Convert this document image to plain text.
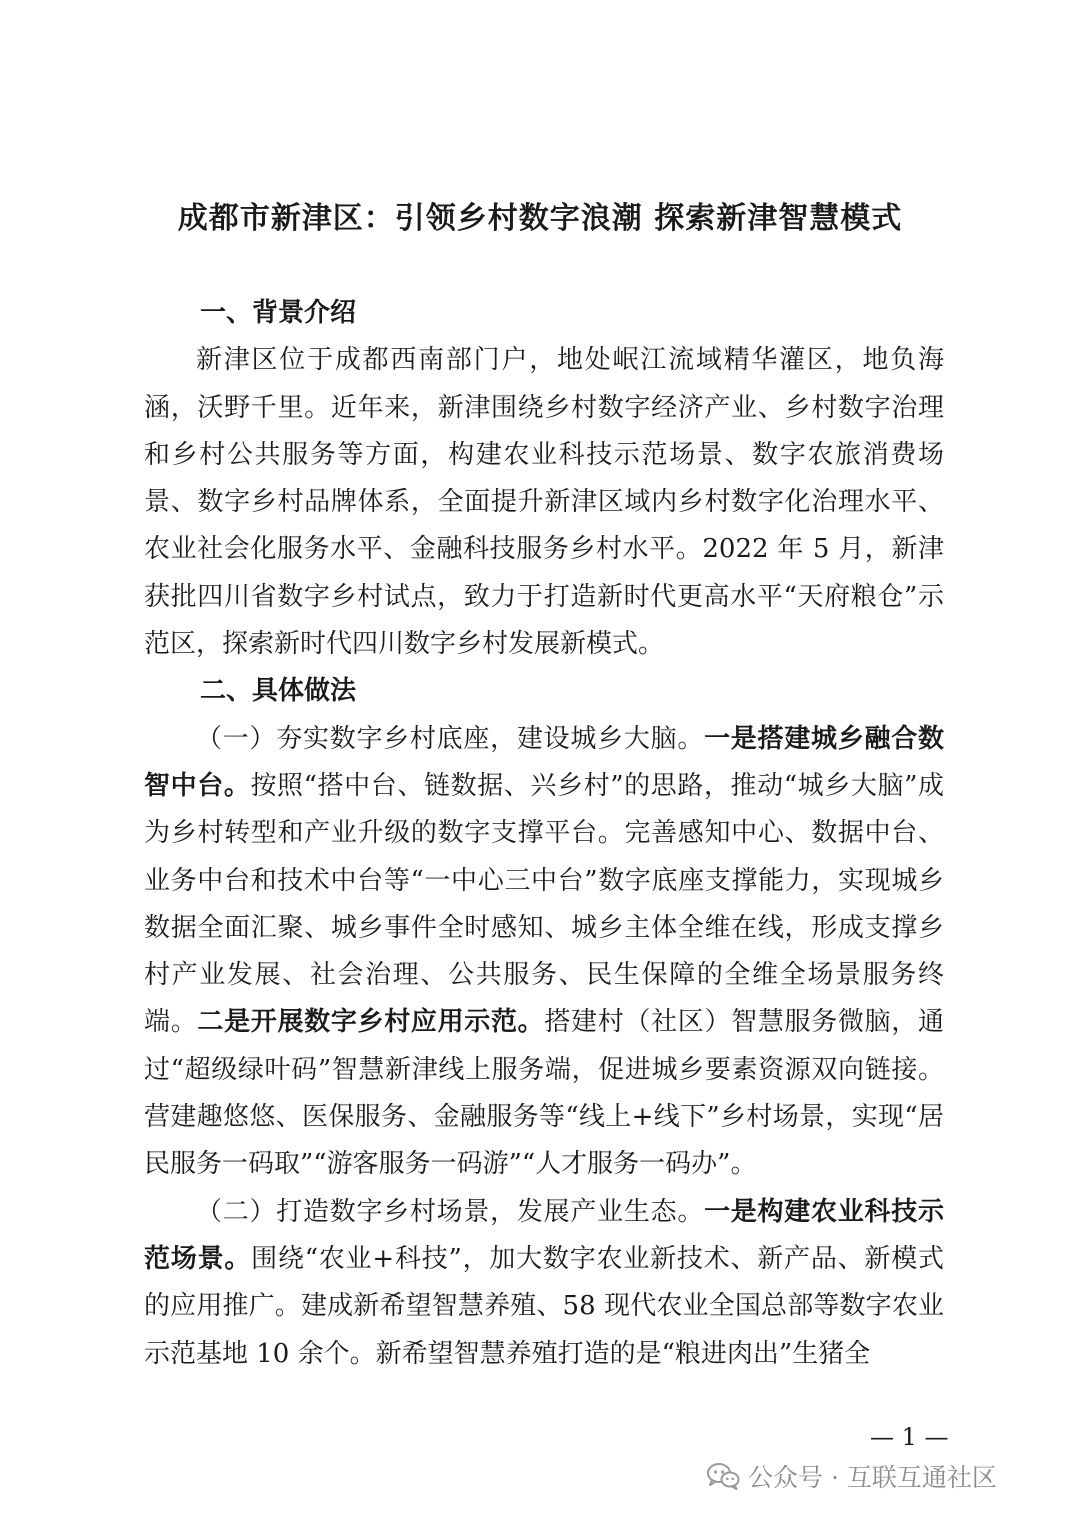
成都市新津区：引领乡村数字浪潮 探索新津智慧模式
一、背景介绍

新津区位于成都西南部门户，地处岷江流域精华灌区，地负海涵，沃野千里。近年来，新津围绕乡村数字经济产业、乡村数字治理和乡村公共服务等方面，构建农业科技示范场景、数字农旅消费场景、数字乡村品牌体系，全面提升新津区域内乡村数字化治理水平、农业社会化服务水平、金融科技服务乡村水平。2022 年 5 月，新津获批四川省数字乡村试点，致力于打造新时代更高水平“天府粮仓”示范区，探索新时代四川数字乡村发展新模式。

二、具体做法

（一）夯实数字乡村底座，建设城乡大脑。一是搭建城乡融合数智中台。按照“搭中台、链数据、兴乡村”的思路，推动“城乡大脑”成为乡村转型和产业升级的数字支撑平台。完善感知中心、数据中台、业务中台和技术中台等“一中心三中台”数字底座支撑能力，实现城乡数据全面汇聚、城乡事件全时感知、城乡主体全维在线，形成支撑乡村产业发展、社会治理、公共服务、民生保障的全维全场景服务终端。二是开展数字乡村应用示范。搭建村（社区）智慧服务微脑，通过“超级绿叶码”智慧新津线上服务端，促进城乡要素资源双向链接。营建趣悠悠、医保服务、金融服务等“线上+线下”乡村场景，实现“居民服务一码取”“游客服务一码游”“人才服务一码办”。

（二）打造数字乡村场景，发展产业生态。一是构建农业科技示范场景。围绕“农业+科技”，加大数字农业新技术、新产品、新模式的应用推广。建成新希望智慧养殖、58 现代农业全国总部等数字农业示范基地 10 余个。新希望智慧养殖打造的是“粮进肉出”生猪全

— 1 —
公众号 · 互联互通社区
